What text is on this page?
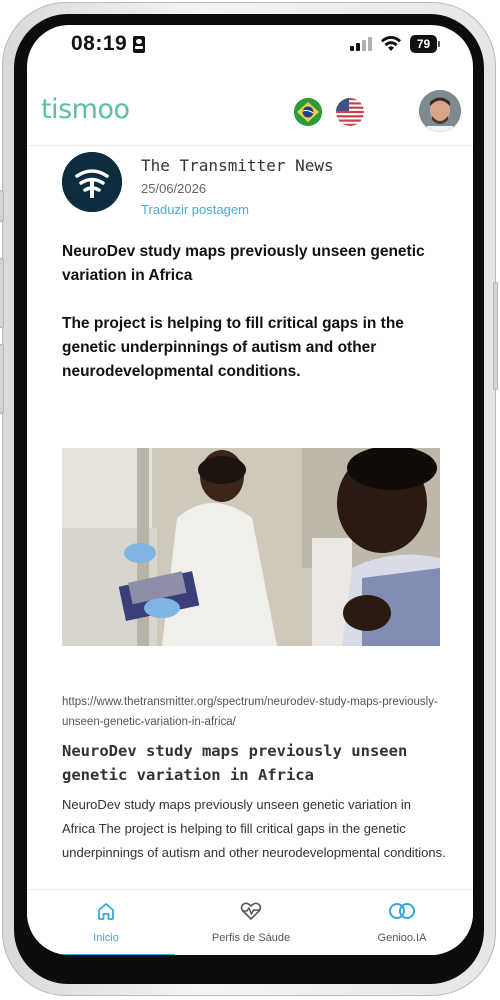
08:19	79
tismoo
The Transmitter News
25/06/2026
Traduzir postagem

NeuroDev study maps previously unseen genetic variation in Africa

The project is helping to fill critical gaps in the genetic underpinnings of autism and other neurodevelopmental conditions.

https://www.thetransmitter.org/spectrum/neurodev-study-maps-previously-unseen-genetic-variation-in-africa/

NeuroDev study maps previously unseen genetic variation in Africa

NeuroDev study maps previously unseen genetic variation in Africa The project is helping to fill critical gaps in the genetic underpinnings of autism and other neurodevelopmental conditions.

Inicio	Perfis de Sáude	Genioo.IA
